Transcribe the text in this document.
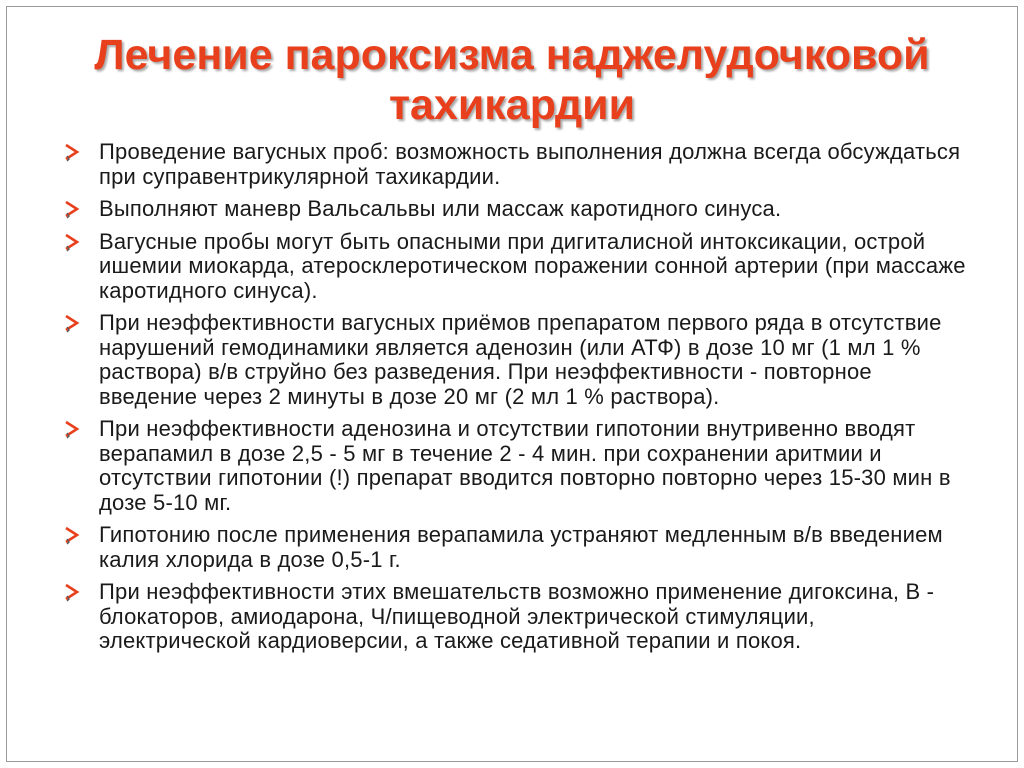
Лечение пароксизма наджелудочковой
тахикардии
Проведение вагусных проб: возможность выполнения должна всегда обсуждаться при суправентрикулярной тахикардии.
Выполняют маневр Вальсальвы или массаж каротидного синуса.
Вагусные пробы могут быть опасными при дигиталисной интоксикации, острой ишемии миокарда, атеросклеротическом поражении сонной артерии (при массаже каротидного синуса).
При неэффективности вагусных приёмов препаратом первого ряда в отсутствие нарушений гемодинамики является аденозин (или АТФ) в дозе 10 мг (1 мл 1 % раствора) в/в струйно без разведения. При неэффективности - повторное введение через 2 минуты в дозе 20 мг (2 мл 1 % раствора).
При неэффективности аденозина и отсутствии гипотонии внутривенно вводят верапамил в дозе 2,5 - 5 мг в течение 2 - 4 мин. при сохранении аритмии и отсутствии гипотонии (!) препарат вводится повторно повторно через 15-30 мин в дозе 5-10 мг.
Гипотонию после применения верапамила устраняют медленным в/в введением калия хлорида в дозе 0,5-1 г.
При неэффективности этих вмешательств возможно применение дигоксина, В - блокаторов, амиодарона, Ч/пищеводной электрической стимуляции, электрической кардиоверсии, а также седативной терапии и покоя.
